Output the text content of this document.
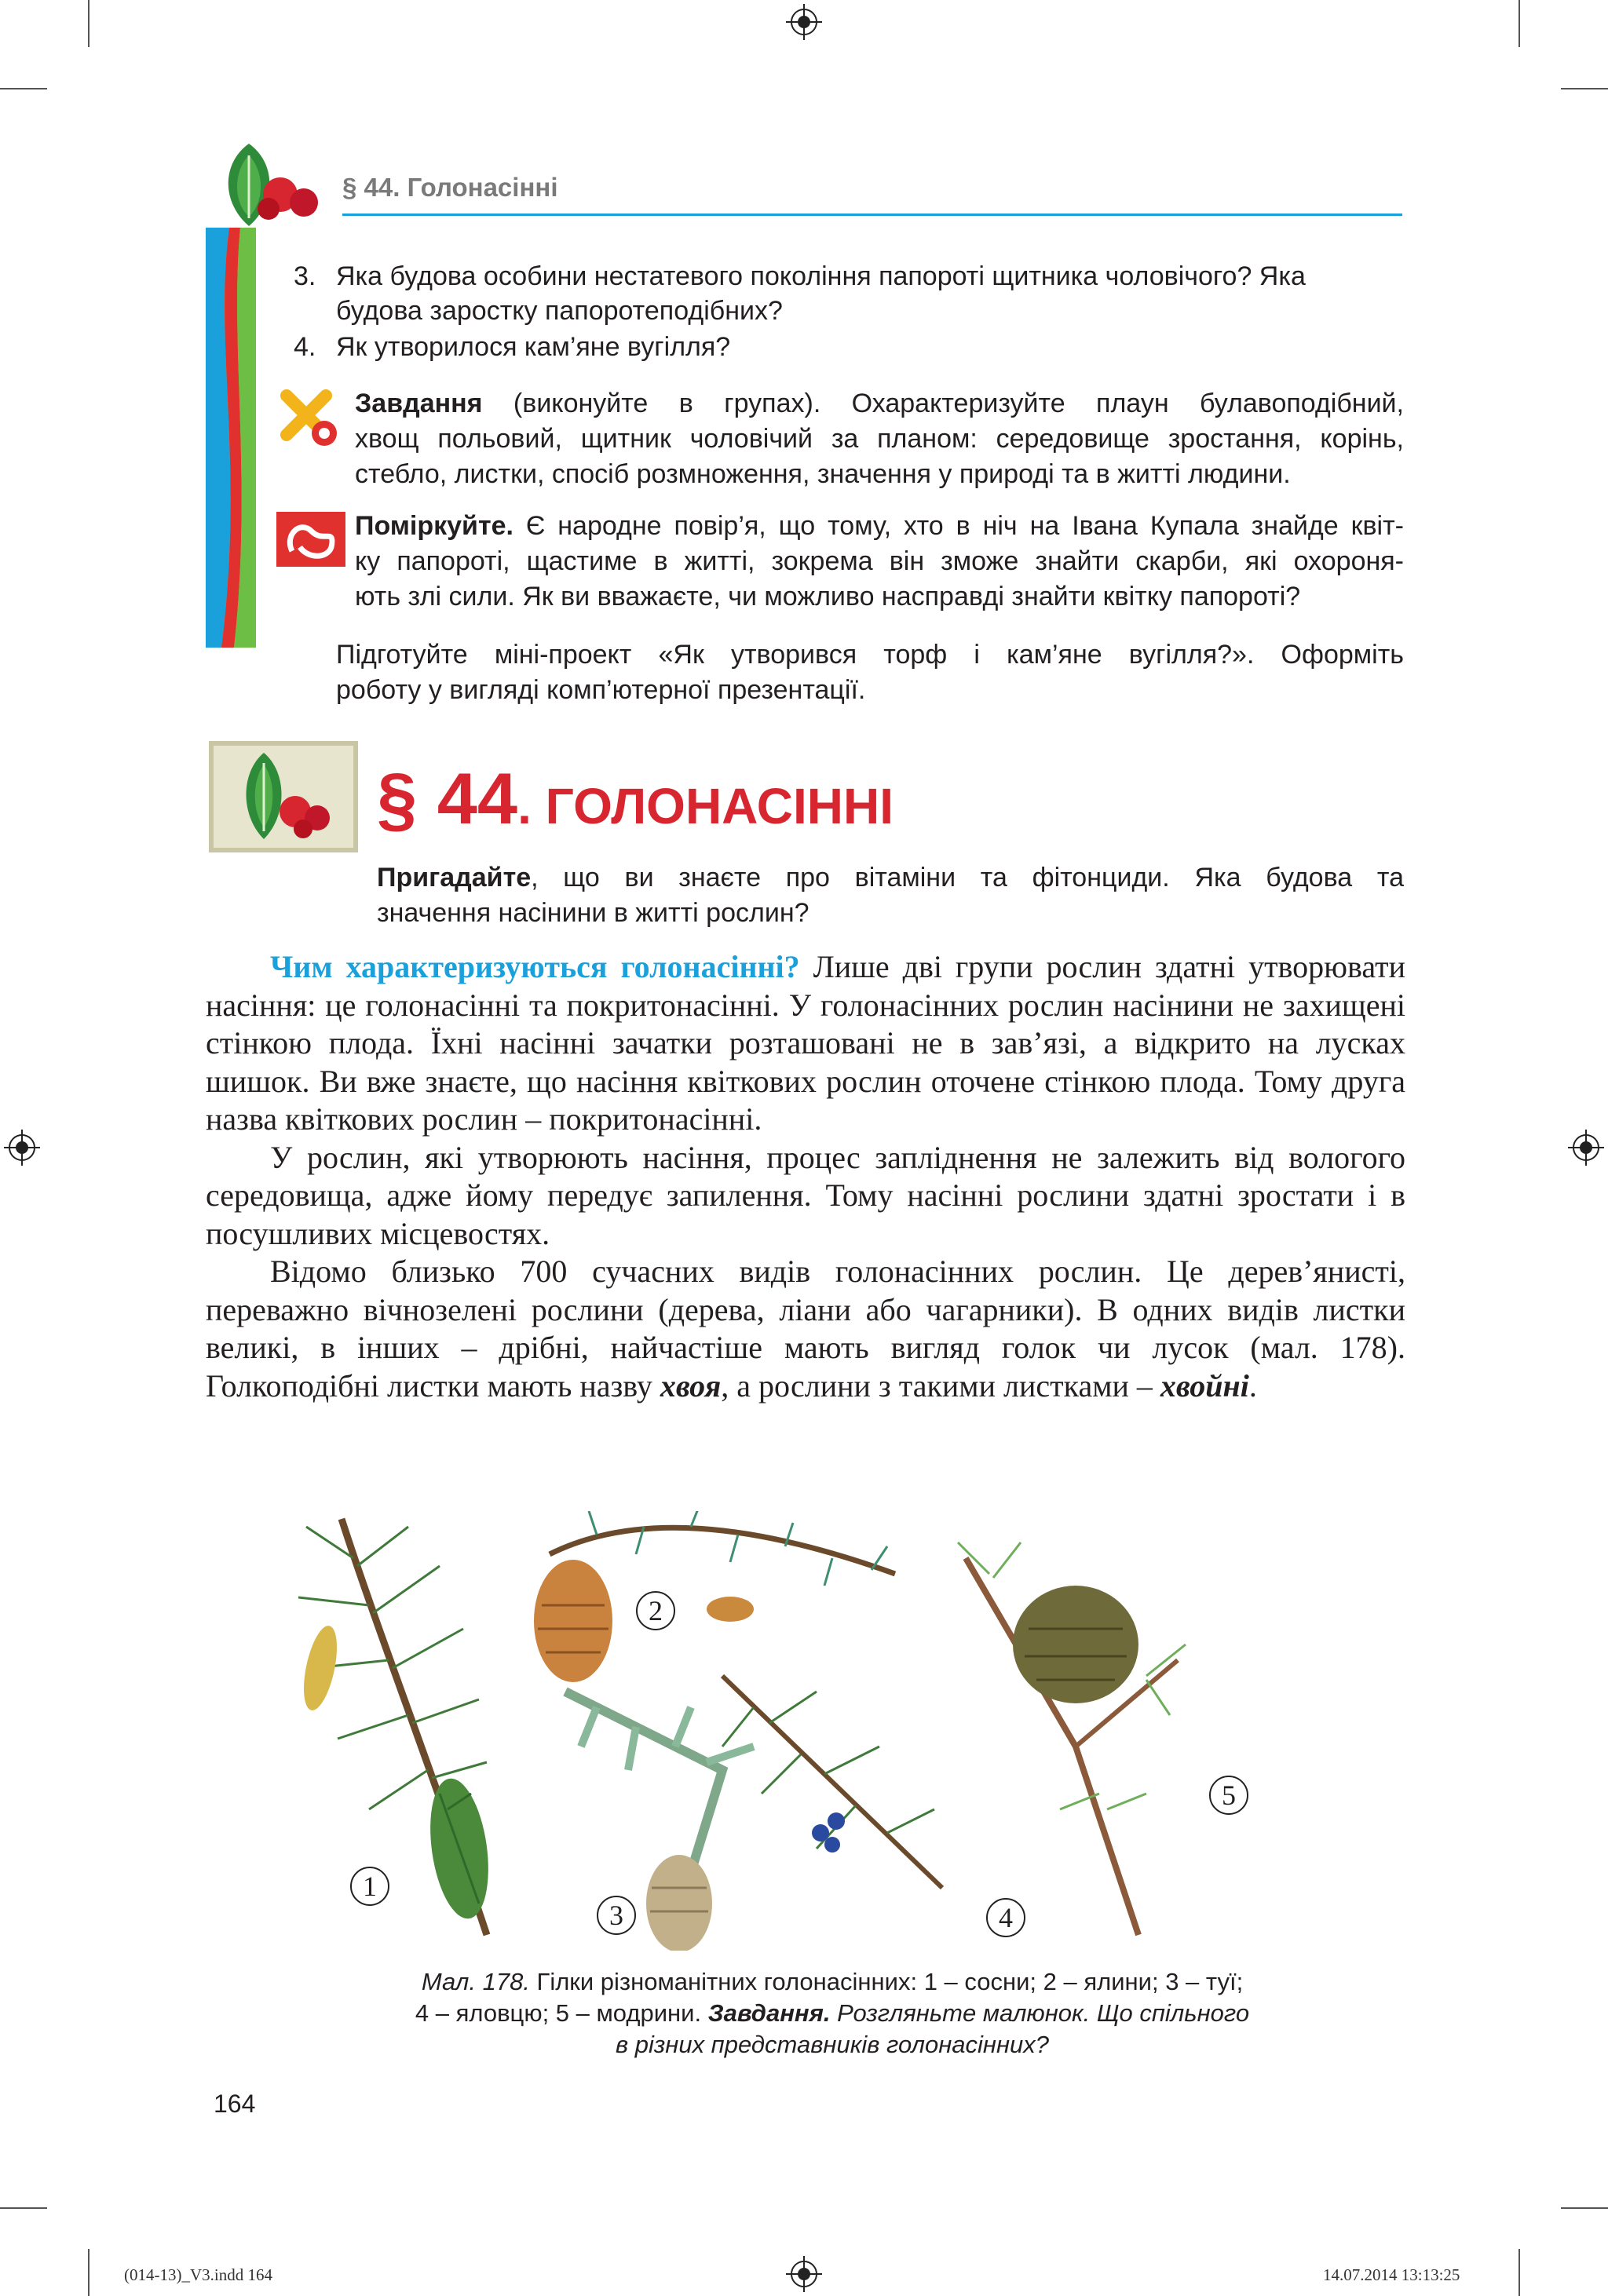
§ 44. Голонасінні
3. Яка будова особини нестатевого покоління папороті щитника чоловічого? Яка
будова заростку папоротеподібних?
4. Як утворилося кам’яне вугілля?
Завдання (виконуйте в групах). Охарактеризуйте плаун булавоподібний,
хвощ польовий, щитник чоловічий за планом: середовище зростання, корінь,
стебло, листки, спосіб розмноження, значення у природі та в житті людини.
Поміркуйте. Є народне повір’я, що тому, хто в ніч на Івана Купала знайде квіт-
ку папороті, щастиме в житті, зокрема він зможе знайти скарби, які охороня-
ють злі сили. Як ви вважаєте, чи можливо насправді знайти квітку папороті?
Підготуйте міні-проект «Як утворився торф і кам’яне вугілля?». Оформіть
роботу у вигляді комп’ютерної презентації.
§ 44. ГОЛОНАСІННІ
Пригадайте, що ви знаєте про вітаміни та фітонциди. Яка будова та
значення насінини в житті рослин?

Чим характеризуються голонасінні? Лише дві групи рослин здатні утворювати насіння: це голонасінні та покритонасінні. У голонасінних рослин насінини не захищені стінкою плода. Їхні насінні зачатки розташовані не в зав’язі, а відкрито на лусках шишок. Ви вже знаєте, що насіння квіткових рослин оточене стінкою плода. Тому друга назва квіткових рослин – покритонасінні.

У рослин, які утворюють насіння, процес запліднення не залежить від вологого середовища, адже йому передує запилення. Тому насінні рослини здатні зростати і в посушливих місцевостях.

Відомо близько 700 сучасних видів голонасінних рослин. Це дерев’янисті, переважно вічнозелені рослини (дерева, ліани або чагарники). В одних видів листки великі, в інших – дрібні, найчастіше мають вигляд голок чи лусок (мал. 178). Голкоподібні листки мають назву хвоя, а рослини з такими листками – хвойні.

1
2
3	4
5
Мал. 178. Гілки різноманітних голонасінних: 1 – сосни; 2 – ялини; 3 – туї;
4 – яловцю; 5 – модрини. Завдання. Розгляньте малюнок. Що спільного
в різних представників голонасінних?
164
(014-13)_V3.indd 164	14.07.2014 13:13:25
